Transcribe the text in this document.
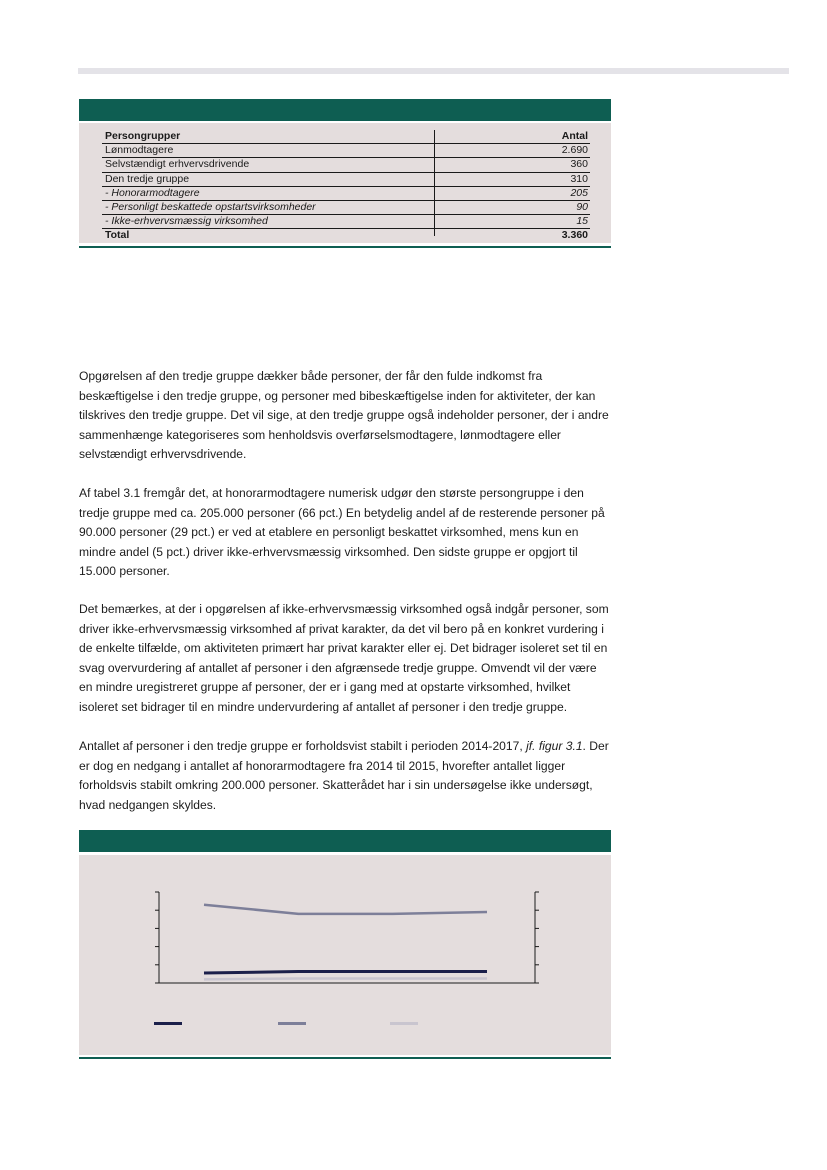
Persongrupper	Antal
Lønmodtagere	2.690
Selvstændigt erhvervsdrivende	360
Den tredje gruppe	310
- Honorarmodtagere	205
- Personligt beskattede opstartsvirksomheder	90
- Ikke-erhvervsmæssig virksomhed	15
Total	3.360
Opgørelsen af den tredje gruppe dækker både personer, der får den fulde indkomst fra beskæftigelse i den tredje gruppe, og personer med bibeskæftigelse inden for aktiviteter, der kan tilskrives den tredje gruppe. Det vil sige, at den tredje gruppe også indeholder personer, der i andre sammenhænge kategoriseres som henholdsvis overførselsmodtagere, lønmodtagere eller selvstændigt erhvervsdrivende.
Af tabel 3.1 fremgår det, at honorarmodtagere numerisk udgør den største persongruppe i den tredje gruppe med ca. 205.000 personer (66 pct.) En betydelig andel af de resterende personer på 90.000 personer (29 pct.) er ved at etablere en personligt beskattet virksomhed, mens kun en mindre andel (5 pct.) driver ikke-erhvervsmæssig virksomhed. Den sidste gruppe er opgjort til 15.000 personer.
Det bemærkes, at der i opgørelsen af ikke-erhvervsmæssig virksomhed også indgår personer, som driver ikke-erhvervsmæssig virksomhed af privat karakter, da det vil bero på en konkret vurdering i de enkelte tilfælde, om aktiviteten primært har privat karakter eller ej. Det bidrager isoleret set til en svag overvurdering af antallet af personer i den afgrænsede tredje gruppe. Omvendt vil der være en mindre uregistreret gruppe af personer, der er i gang med at opstarte virksomhed, hvilket isoleret set bidrager til en mindre undervurdering af antallet af personer i den tredje gruppe.
Antallet af personer i den tredje gruppe er forholdsvist stabilt i perioden 2014-2017, jf. figur 3.1. Der er dog en nedgang i antallet af honorarmodtagere fra 2014 til 2015, hvorefter antallet ligger forholdsvis stabilt omkring 200.000 personer. Skatterådet har i sin undersøgelse ikke undersøgt, hvad nedgangen skyldes.
